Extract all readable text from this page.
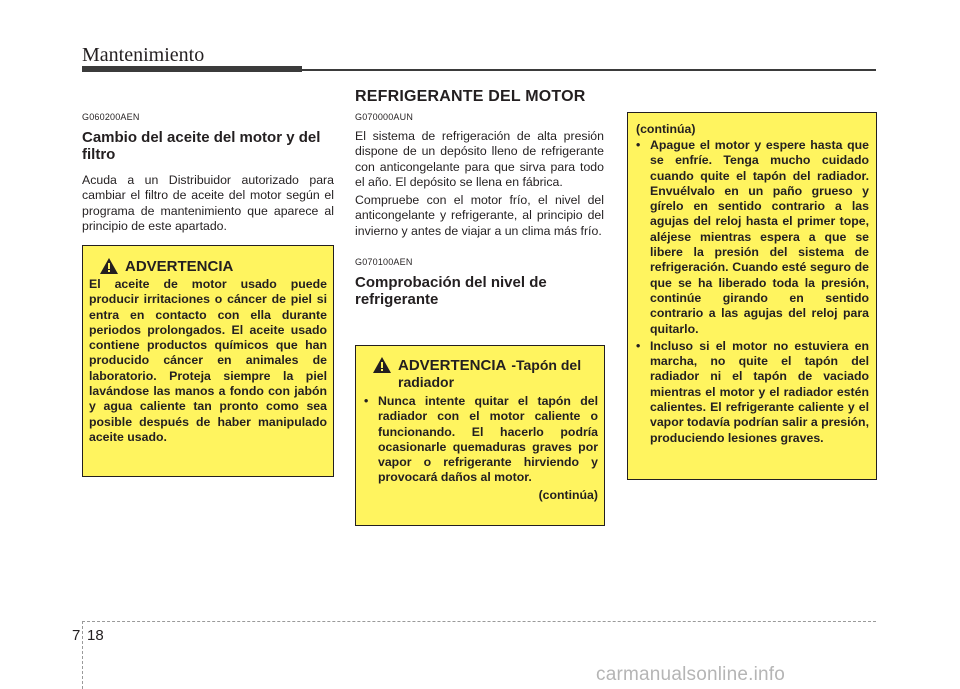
Mantenimiento
REFRIGERANTE DEL MOTOR
G060200AEN
Cambio del aceite del motor y del filtro
Acuda a un Distribuidor autorizado para cambiar el filtro de aceite del motor según el programa de mantenimiento que aparece al principio de este apartado.
ADVERTENCIA
El aceite de motor usado puede producir irritaciones o cáncer de piel si entra en contacto con ella durante periodos prolongados. El aceite usado contiene productos químicos que han producido cáncer en animales de laboratorio. Proteja siempre la piel lavándose las manos a fondo con jabón y agua caliente tan pronto como sea posible después de haber manipulado aceite usado.
G070000AUN
El sistema de refrigeración de alta presión dispone de un depósito lleno de refrigerante con anticongelante para que sirva para todo el año. El depósito se llena en fábrica.
Compruebe con el motor frío, el nivel del anticongelante y refrigerante, al principio del invierno y antes de viajar a un clima más frío.
G070100AEN
Comprobación del nivel de refrigerante
ADVERTENCIA -Tapón del
radiador
• Nunca intente quitar el tapón del radiador con el motor caliente o funcionando. El hacerlo podría ocasionarle quemaduras graves por vapor o refrigerante hirviendo y provocará daños al motor.
(continúa)
(continúa)
• Apague el motor y espere hasta que se enfríe. Tenga mucho cuidado cuando quite el tapón del radiador. Envuélvalo en un paño grueso y gírelo en sentido contrario a las agujas del reloj hasta el primer tope, aléjese mientras espera a que se libere la presión del sistema de refrigeración. Cuando esté seguro de que se ha liberado toda la presión, continúe girando en sentido contrario a las agujas del reloj para quitarlo.
• Incluso si el motor no estuviera en marcha, no quite el tapón del radiador ni el tapón de vaciado mientras el motor y el radiador estén calientes. El refrigerante caliente y el vapor todavía podrían salir a presión, produciendo lesiones graves.
7 18
carmanualsonline.info
